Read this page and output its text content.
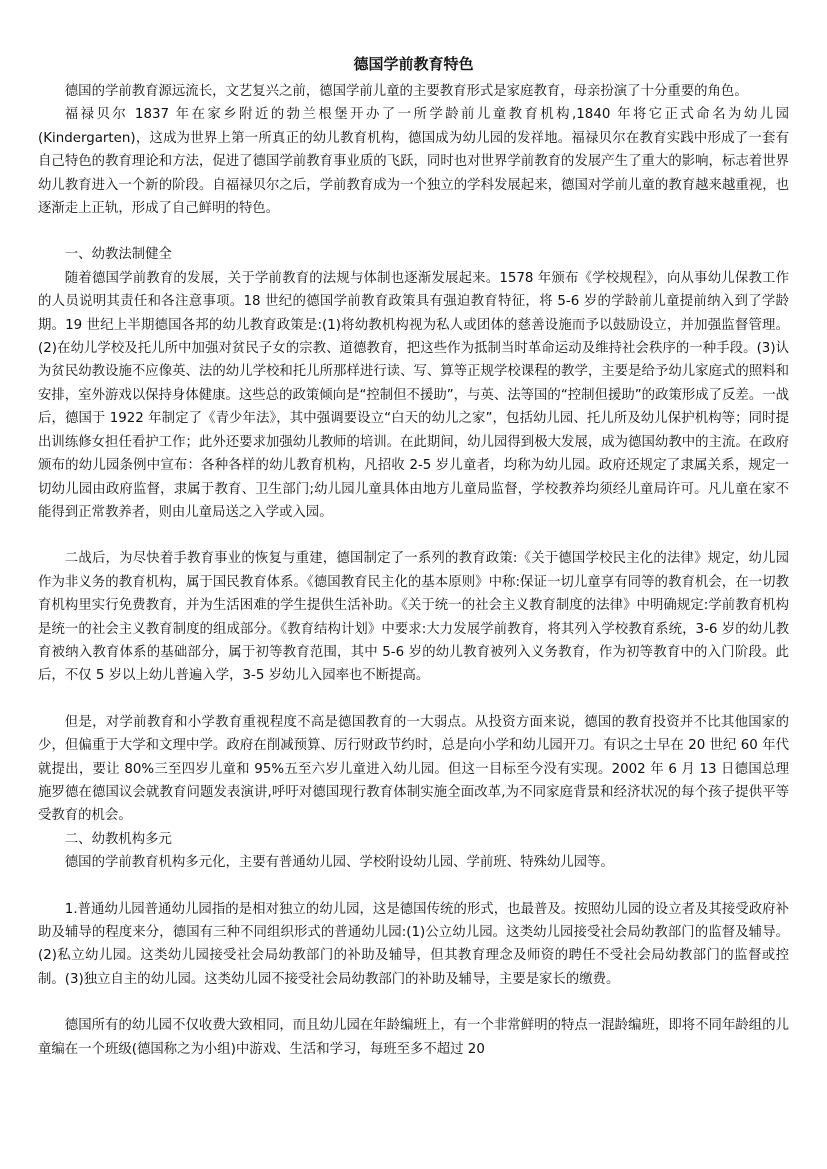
德国学前教育特色

德国的学前教育源远流长，文艺复兴之前，德国学前儿童的主要教育形式是家庭教育，母亲扮演了十分重要的角色。

福禄贝尔 1837 年在家乡附近的勃兰根堡开办了一所学龄前儿童教育机构,1840 年将它正式命名为幼儿园(Kindergarten)，这成为世界上第一所真正的幼儿教育机构，德国成为幼儿园的发祥地。福禄贝尔在教育实践中形成了一套有自己特色的教育理论和方法，促进了德国学前教育事业质的飞跃，同时也对世界学前教育的发展产生了重大的影响，标志着世界幼儿教育进入一个新的阶段。自福禄贝尔之后，学前教育成为一个独立的学科发展起来，德国对学前儿童的教育越来越重视，也逐渐走上正轨，形成了自己鲜明的特色。

一、幼教法制健全

随着德国学前教育的发展，关于学前教育的法规与体制也逐渐发展起来。1578 年颁布《学校规程》，向从事幼儿保教工作的人员说明其责任和各注意事项。18 世纪的德国学前教育政策具有强迫教育特征，将 5-6 岁的学龄前儿童提前纳入到了学龄期。19 世纪上半期德国各邦的幼儿教育政策是:(1)将幼教机构视为私人或团体的慈善设施而予以鼓励设立，并加强监督管理。(2)在幼儿学校及托儿所中加强对贫民子女的宗教、道德教育，把这些作为抵制当时革命运动及维持社会秩序的一种手段。(3)认为贫民幼教设施不应像英、法的幼儿学校和托儿所那样进行读、写、算等正规学校课程的教学，主要是给予幼儿家庭式的照料和安排，室外游戏以保持身体健康。这些总的政策倾向是“控制但不援助”，与英、法等国的“控制但援助”的政策形成了反差。一战后，德国于 1922 年制定了《青少年法》，其中强调要设立“白天的幼儿之家”，包括幼儿园、托儿所及幼儿保护机构等；同时提出训练修女担任看护工作；此外还要求加强幼儿教师的培训。在此期间，幼儿园得到极大发展，成为德国幼教中的主流。在政府颁布的幼儿园条例中宣布：各种各样的幼儿教育机构，凡招收 2-5 岁儿童者，均称为幼儿园。政府还规定了隶属关系，规定一切幼儿园由政府监督，隶属于教育、卫生部门;幼儿园儿童具体由地方儿童局监督，学校教养均须经儿童局许可。凡儿童在家不能得到正常教养者，则由儿童局送之入学或入园。

二战后，为尽快着手教育事业的恢复与重建，德国制定了一系列的教育政策:《关于德国学校民主化的法律》规定，幼儿园作为非义务的教育机构，属于国民教育体系。《德国教育民主化的基本原则》中称:保证一切儿童享有同等的教育机会，在一切教育机构里实行免费教育，并为生活困难的学生提供生活补助。《关于统一的社会主义教育制度的法律》中明确规定:学前教育机构是统一的社会主义教育制度的组成部分。《教育结构计划》中要求:大力发展学前教育，将其列入学校教育系统，3-6 岁的幼儿教育被纳入教育体系的基础部分，属于初等教育范围，其中 5-6 岁的幼儿教育被列入义务教育，作为初等教育中的入门阶段。此后，不仅 5 岁以上幼儿普遍入学，3-5 岁幼儿入园率也不断提高。

但是，对学前教育和小学教育重视程度不高是德国教育的一大弱点。从投资方面来说，德国的教育投资并不比其他国家的少，但偏重于大学和文理中学。政府在削减预算、厉行财政节约时，总是向小学和幼儿园开刀。有识之士早在 20 世纪 60 年代就提出，要让 80%三至四岁儿童和 95%五至六岁儿童进入幼儿园。但这一目标至今没有实现。2002 年 6 月 13 日德国总理施罗德在德国议会就教育问题发表演讲,呼吁对德国现行教育体制实施全面改革,为不同家庭背景和经济状况的每个孩子提供平等受教育的机会。

二、幼教机构多元

德国的学前教育机构多元化，主要有普通幼儿园、学校附设幼儿园、学前班、特殊幼儿园等。

1.普通幼儿园普通幼儿园指的是相对独立的幼儿园，这是德国传统的形式，也最普及。按照幼儿园的设立者及其接受政府补助及辅导的程度来分，德国有三种不同组织形式的普通幼儿园:(1)公立幼儿园。这类幼儿园接受社会局幼教部门的监督及辅导。(2)私立幼儿园。这类幼儿园接受社会局幼教部门的补助及辅导，但其教育理念及师资的聘任不受社会局幼教部门的监督或控制。(3)独立自主的幼儿园。这类幼儿园不接受社会局幼教部门的补助及辅导，主要是家长的缴费。

德国所有的幼儿园不仅收费大致相同，而且幼儿园在年龄编班上，有一个非常鲜明的特点一混龄编班，即将不同年龄组的儿童编在一个班级(德国称之为小组)中游戏、生活和学习，每班至多不超过 20
